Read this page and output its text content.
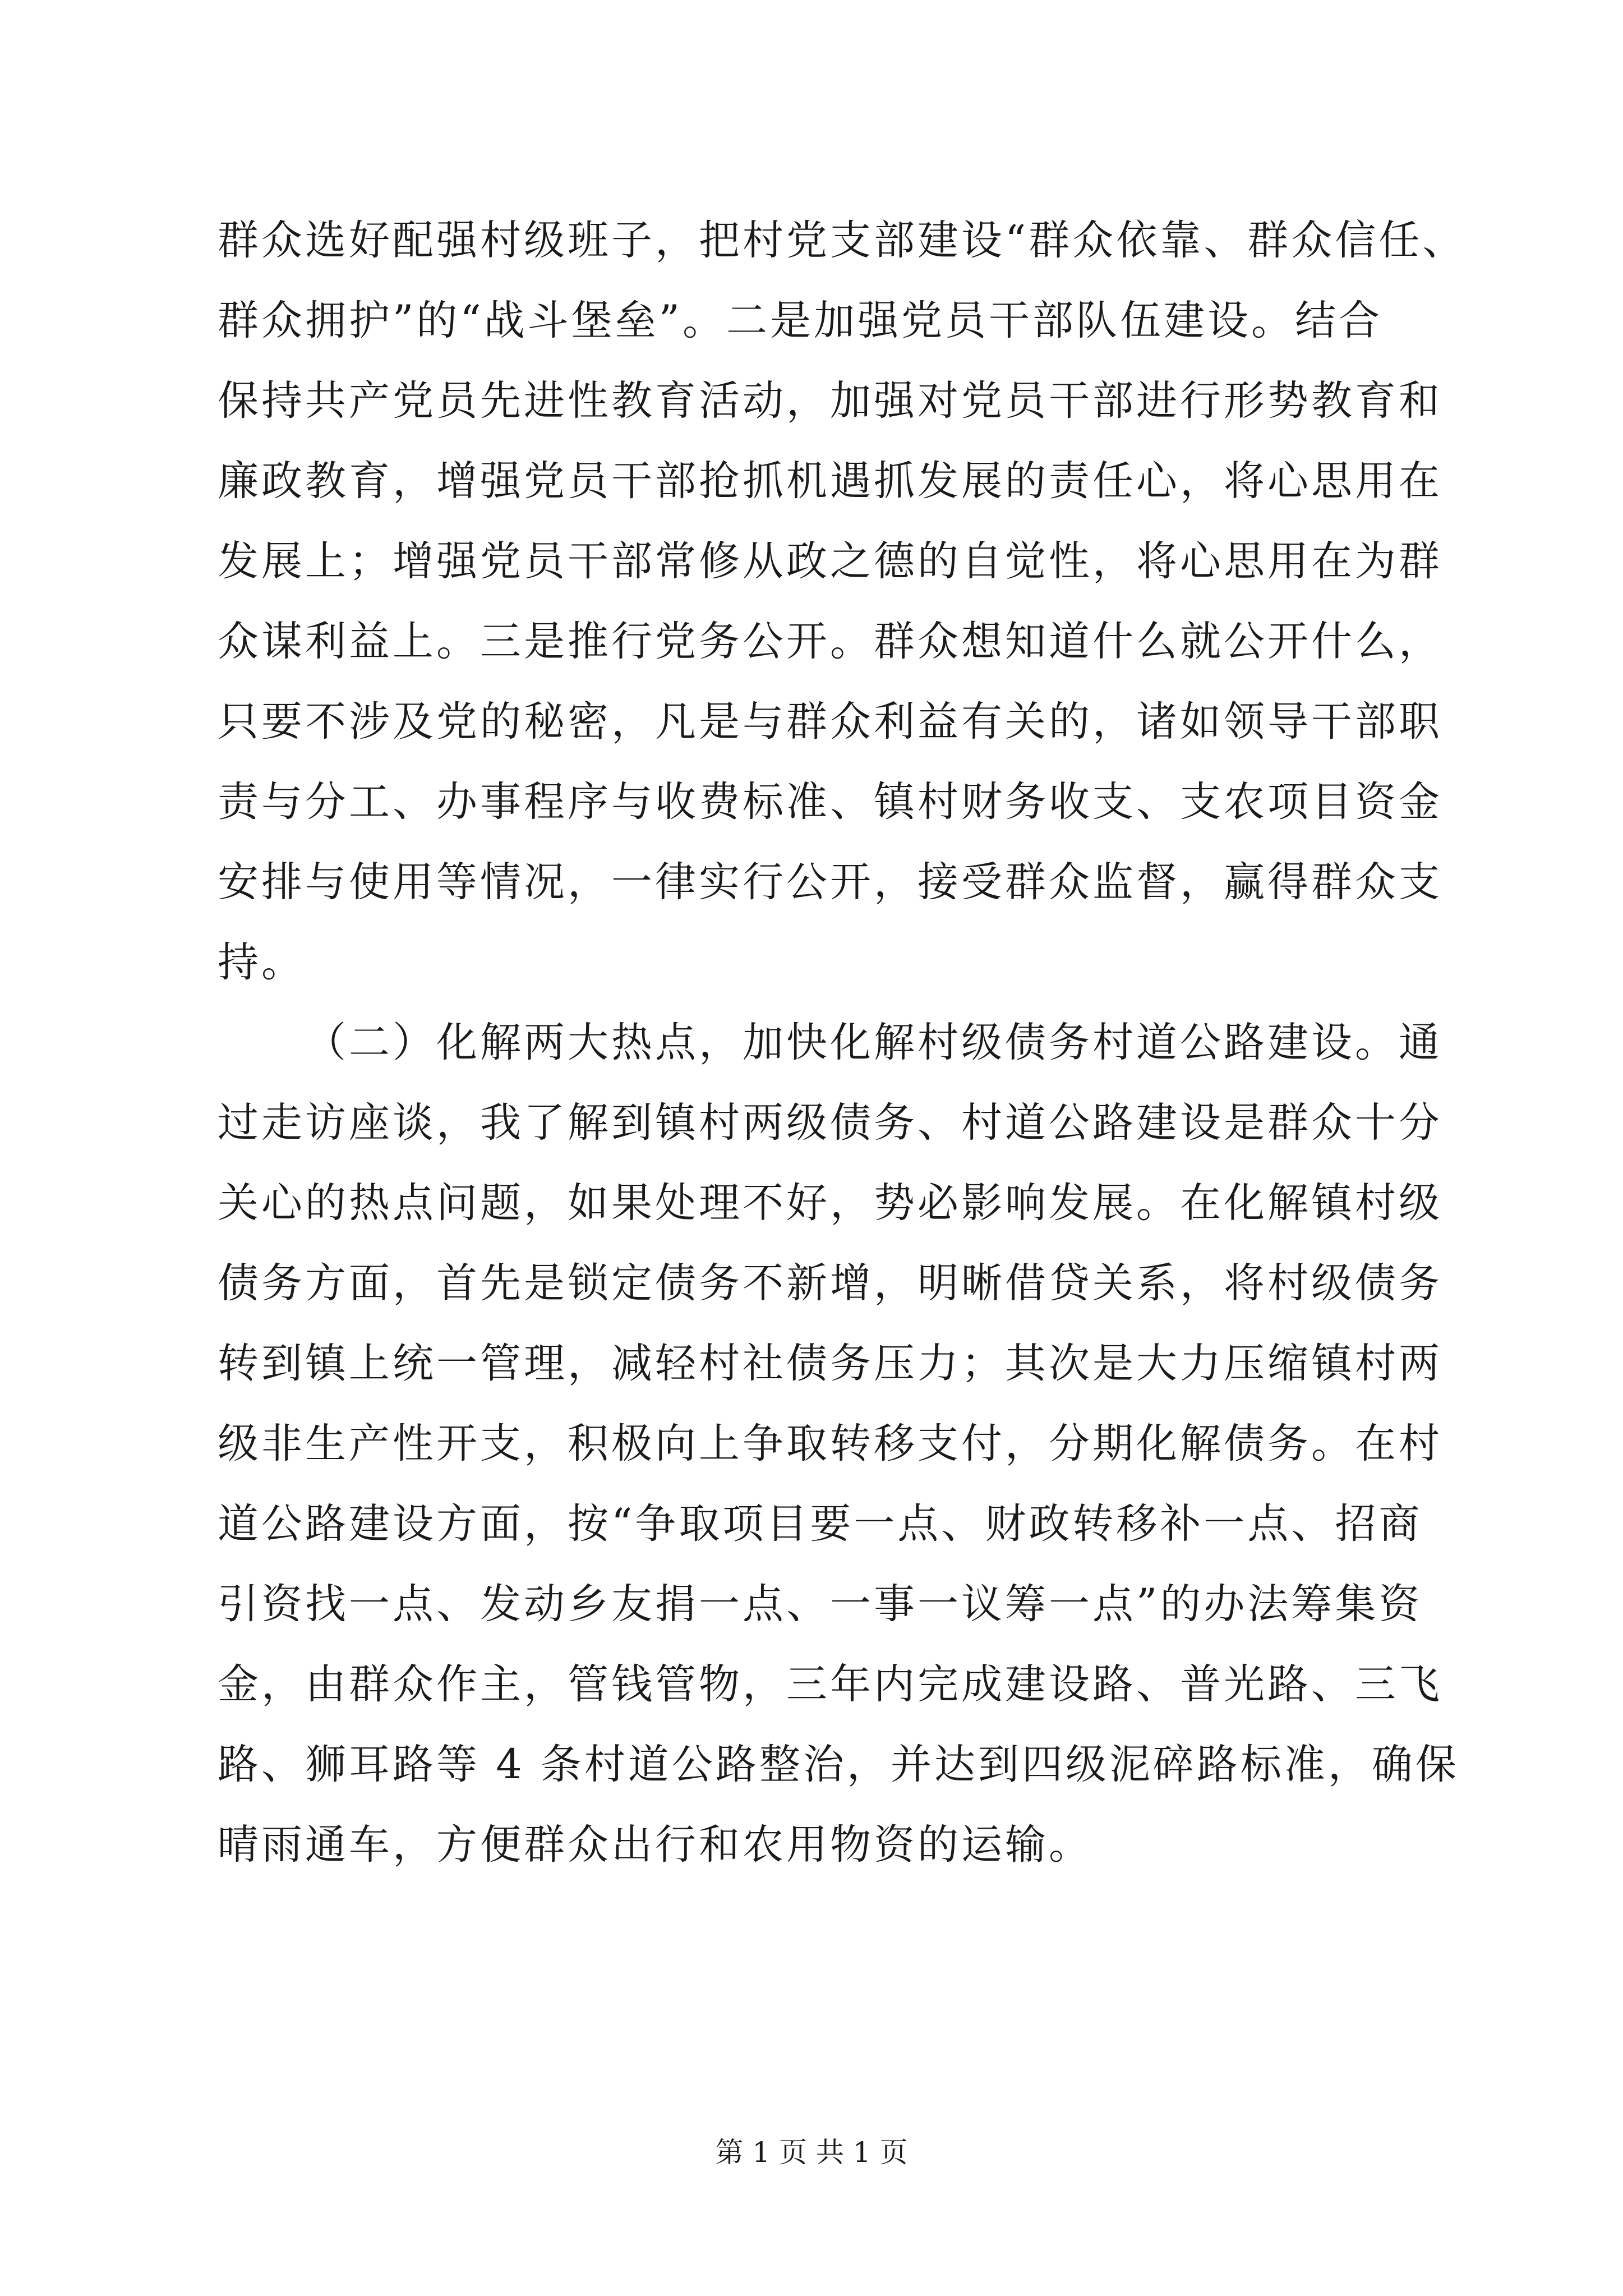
群众选好配强村级班子，把村党支部建设“群众依靠、群众信任、
群众拥护”的“战斗堡垒”。二是加强党员干部队伍建设。结合
保持共产党员先进性教育活动，加强对党员干部进行形势教育和
廉政教育，增强党员干部抢抓机遇抓发展的责任心，将心思用在
发展上；增强党员干部常修从政之德的自觉性，将心思用在为群
众谋利益上。三是推行党务公开。群众想知道什么就公开什么，
只要不涉及党的秘密，凡是与群众利益有关的，诸如领导干部职
责与分工、办事程序与收费标准、镇村财务收支、支农项目资金
安排与使用等情况，一律实行公开，接受群众监督，赢得群众支
持。
（二）化解两大热点，加快化解村级债务村道公路建设。通
过走访座谈，我了解到镇村两级债务、村道公路建设是群众十分
关心的热点问题，如果处理不好，势必影响发展。在化解镇村级
债务方面，首先是锁定债务不新增，明晰借贷关系，将村级债务
转到镇上统一管理，减轻村社债务压力；其次是大力压缩镇村两
级非生产性开支，积极向上争取转移支付，分期化解债务。在村
道公路建设方面，按“争取项目要一点、财政转移补一点、招商
引资找一点、发动乡友捐一点、一事一议筹一点”的办法筹集资
金，由群众作主，管钱管物，三年内完成建设路、普光路、三飞
路、狮耳路等 4 条村道公路整治，并达到四级泥碎路标准，确保
晴雨通车，方便群众出行和农用物资的运输。
第 1 页 共 1 页
